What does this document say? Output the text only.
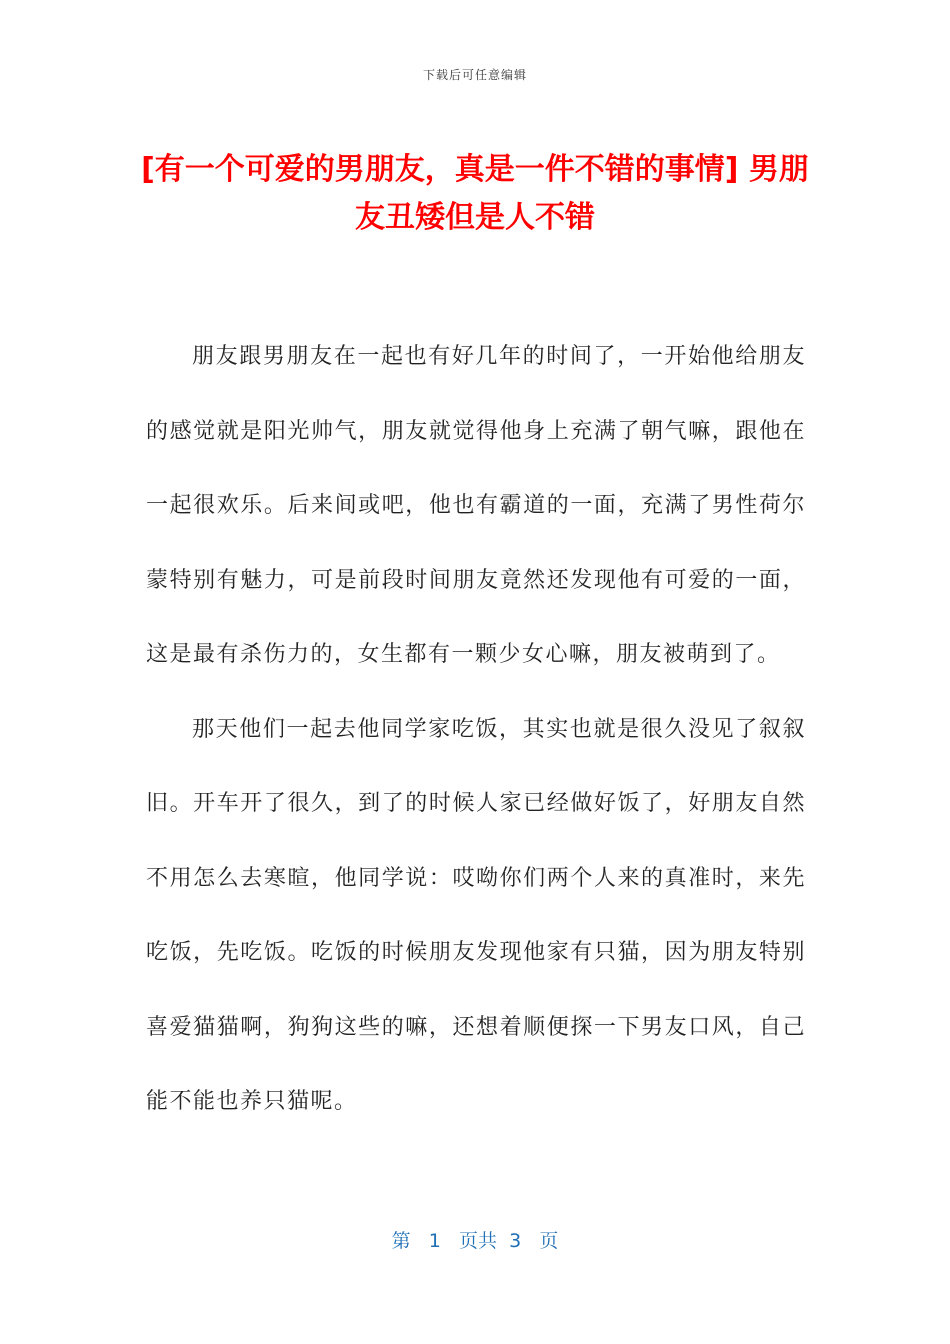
下载后可任意编辑
[有一个可爱的男朋友，真是一件不错的事情] 男朋友丑矮但是人不错

朋友跟男朋友在一起也有好几年的时间了，一开始他给朋友的感觉就是阳光帅气，朋友就觉得他身上充满了朝气嘛，跟他在一起很欢乐。后来间或吧，他也有霸道的一面，充满了男性荷尔蒙特别有魅力，可是前段时间朋友竟然还发现他有可爱的一面，这是最有杀伤力的，女生都有一颗少女心嘛，朋友被萌到了。

那天他们一起去他同学家吃饭，其实也就是很久没见了叙叙旧。开车开了很久，到了的时候人家已经做好饭了，好朋友自然不用怎么去寒暄，他同学说：哎呦你们两个人来的真准时，来先吃饭，先吃饭。吃饭的时候朋友发现他家有只猫，因为朋友特别喜爱猫猫啊，狗狗这些的嘛，还想着顺便探一下男友口风，自己能不能也养只猫呢。

第 1 页共 3 页
